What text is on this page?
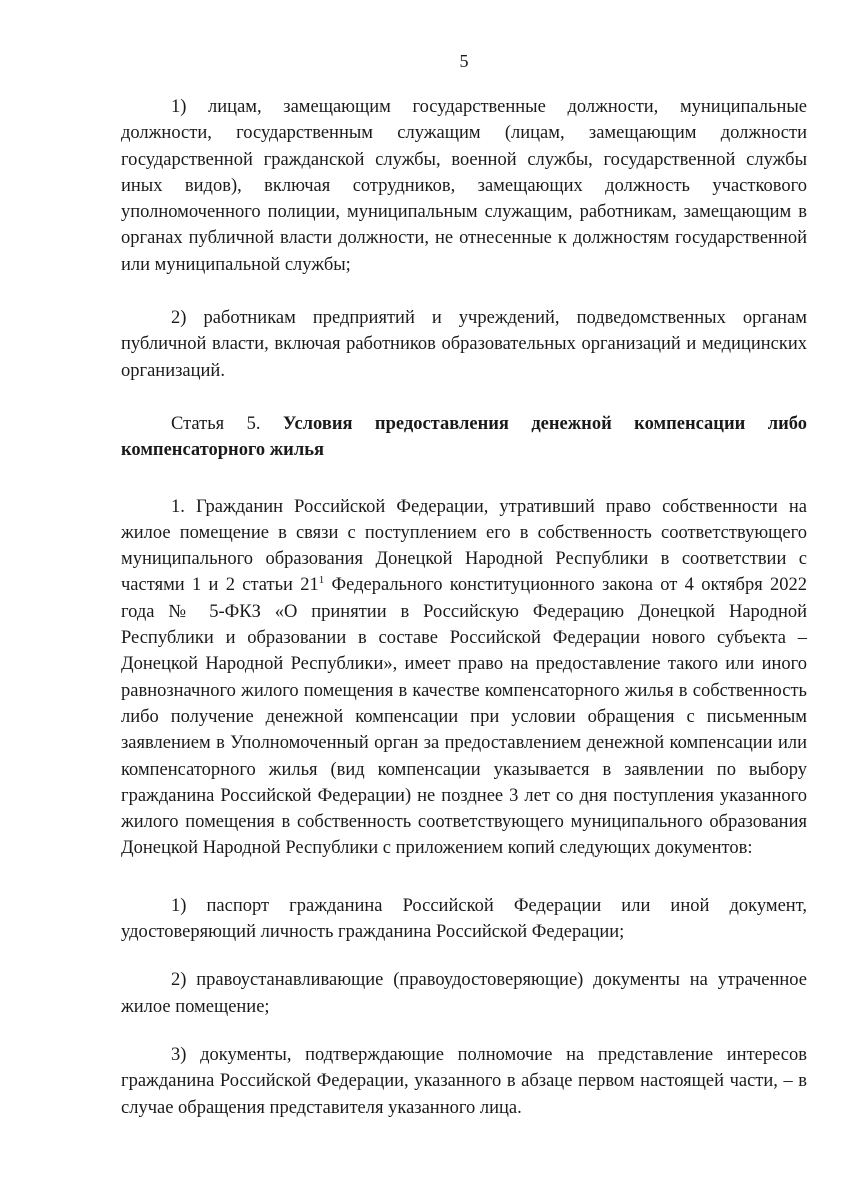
5

1) лицам, замещающим государственные должности, муниципальные должности, государственным служащим (лицам, замещающим должности государственной гражданской службы, военной службы, государственной службы иных видов), включая сотрудников, замещающих должность участкового уполномоченного полиции, муниципальным служащим, работникам, замещающим в органах публичной власти должности, не отнесенные к должностям государственной или муниципальной службы;

2) работникам предприятий и учреждений, подведомственных органам публичной власти, включая работников образовательных организаций и медицинских организаций.

Статья 5. Условия предоставления денежной компенсации либо компенсаторного жилья

1. Гражданин Российской Федерации, утративший право собственности на жилое помещение в связи с поступлением его в собственность соответствующего муниципального образования Донецкой Народной Республики в соответствии с частями 1 и 2 статьи $21^1$ Федерального конституционного закона от 4 октября 2022 года № 5-ФКЗ «О принятии в Российскую Федерацию Донецкой Народной Республики и образовании в составе Российской Федерации нового субъекта – Донецкой Народной Республики», имеет право на предоставление такого или иного равнозначного жилого помещения в качестве компенсаторного жилья в собственность либо получение денежной компенсации при условии обращения с письменным заявлением в Уполномоченный орган за предоставлением денежной компенсации или компенсаторного жилья (вид компенсации указывается в заявлении по выбору гражданина Российской Федерации) не позднее 3 лет со дня поступления указанного жилого помещения в собственность соответствующего муниципального образования Донецкой Народной Республики с приложением копий следующих документов:

1) паспорт гражданина Российской Федерации или иной документ, удостоверяющий личность гражданина Российской Федерации;

2) правоустанавливающие (правоудостоверяющие) документы на утраченное жилое помещение;

3) документы, подтверждающие полномочие на представление интересов гражданина Российской Федерации, указанного в абзаце первом настоящей части, – в случае обращения представителя указанного лица.
